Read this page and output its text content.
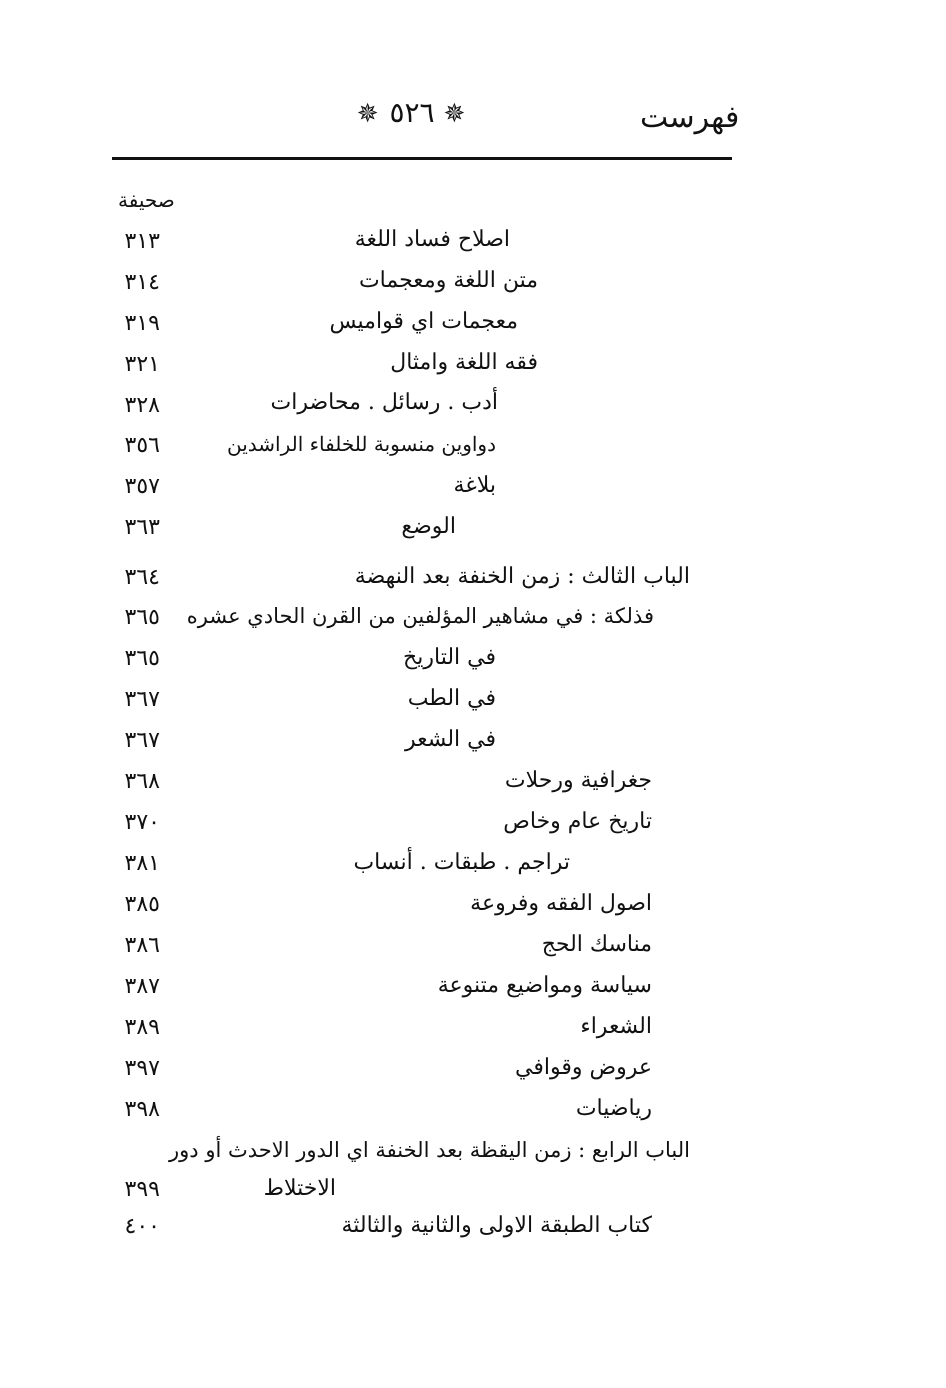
✵ ٥٢٦ ✵	فهرست
صحيفة
اصلاح فساد اللغة
٣١٣
متن اللغة ومعجمات
٣١٤
معجمات اي قواميس
٣١٩
فقه اللغة وامثال
٣٢١
أدب . رسائل . محاضرات
٣٢٨
دواوين منسوبة للخلفاء الراشدين
٣٥٦
بلاغة
٣٥٧
الوضع
٣٦٣
الباب الثالث : زمن الخنفة بعد النهضة
٣٦٤
فذلكة : في مشاهير المؤلفين من القرن الحادي عشره
٣٦٥
في التاريخ
٣٦٥
في الطب
٣٦٧
في الشعر
٣٦٧
جغرافية ورحلات
٣٦٨
تاريخ عام وخاص
٣٧٠
تراجم . طبقات . أنساب
٣٨١
اصول الفقه وفروعة
٣٨٥
مناسك الحج
٣٨٦
سياسة ومواضيع متنوعة
٣٨٧
الشعراء
٣٨٩
عروض وقوافي
٣٩٧
رياضيات
٣٩٨
الباب الرابع : زمن اليقظة بعد الخنفة اي الدور الاحدث أو دور
الاختلاط
٣٩٩
كتاب الطبقة الاولى والثانية والثالثة
٤٠٠
